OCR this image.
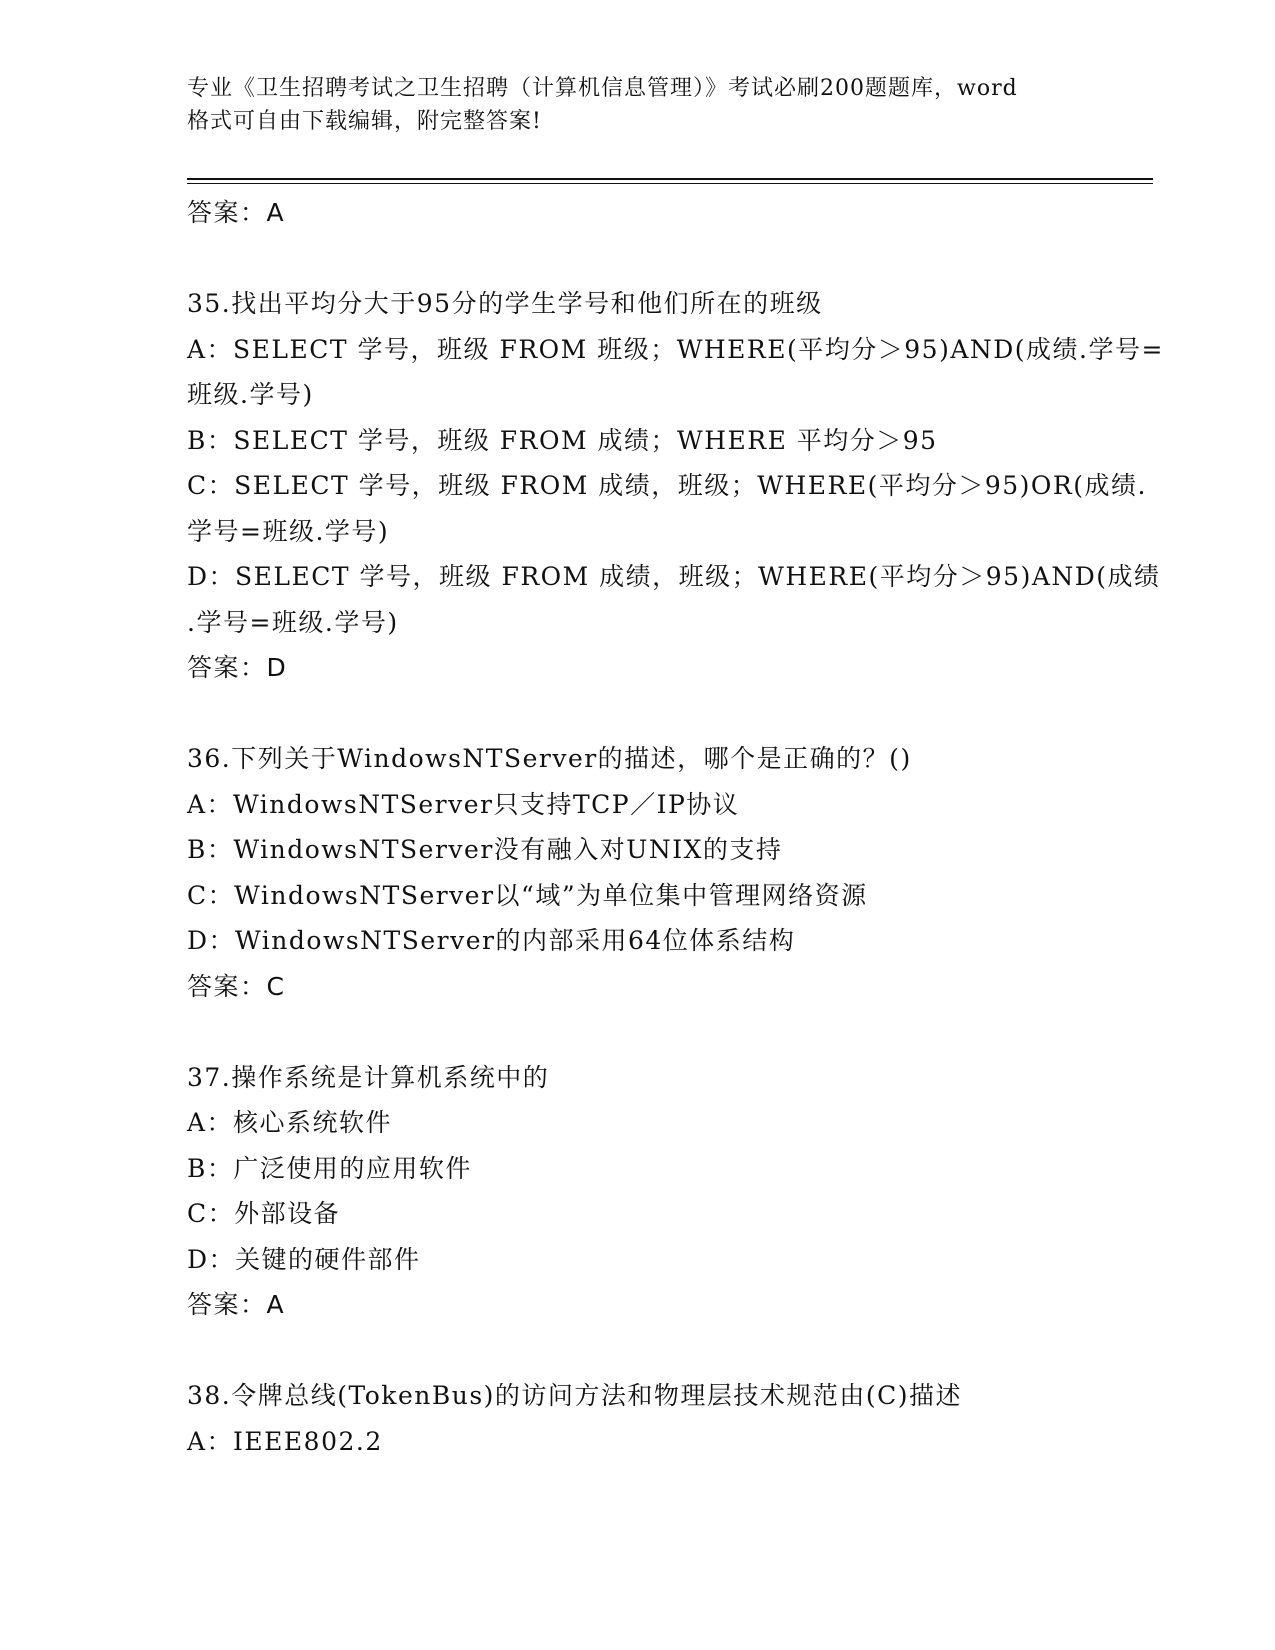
专业《卫生招聘考试之卫生招聘（计算机信息管理）》考试必刷200题题库，word
格式可自由下载编辑，附完整答案!
答案：A
35.找出平均分大于95分的学生学号和他们所在的班级
A：SELECT 学号，班级 FROM 班级；WHERE(平均分＞95)AND(成绩.学号=
班级.学号)
B：SELECT 学号，班级 FROM 成绩；WHERE 平均分＞95
C：SELECT 学号，班级 FROM 成绩，班级；WHERE(平均分＞95)OR(成绩.
学号=班级.学号)
D：SELECT 学号，班级 FROM 成绩，班级；WHERE(平均分＞95)AND(成绩
.学号=班级.学号)
答案：D
36.下列关于WindowsNTServer的描述，哪个是正确的？()
A：WindowsNTServer只支持TCP／IP协议
B：WindowsNTServer没有融入对UNIX的支持
C：WindowsNTServer以“域”为单位集中管理网络资源
D：WindowsNTServer的内部采用64位体系结构
答案：C
37.操作系统是计算机系统中的
A：核心系统软件
B：广泛使用的应用软件
C：外部设备
D：关键的硬件部件
答案：A
38.令牌总线(TokenBus)的访问方法和物理层技术规范由(C)描述
A：IEEE802.2
